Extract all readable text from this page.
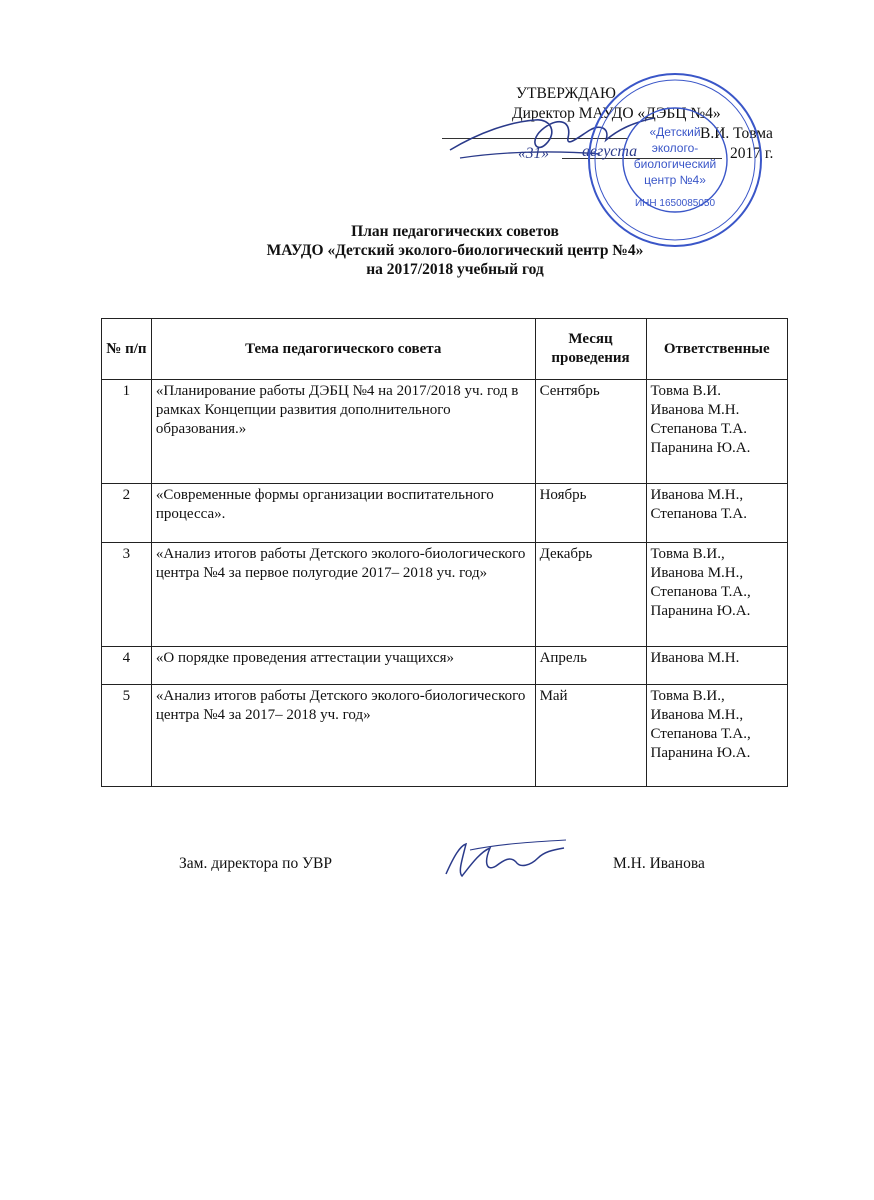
УТВЕРЖДАЮ
Директор МАУДО «ДЭБЦ №4»
В.И. Товма
«31» августа	2017 г.
«Детский
эколого-
биологический
центр №4»
ИНН 1650085050
План педагогических советов
МАУДО «Детский эколого-биологический центр №4»
на 2017/2018 учебный год
№ п/п	Тема педагогического совета	Месяц проведения	Ответственные
1	«Планирование работы ДЭБЦ №4 на 2017/2018 уч. год в рамках Концепции развития дополнительного образования.»	Сентябрь	Товма В.И.
Иванова М.Н.
Степанова Т.А.
Паранина Ю.А.

2	«Современные формы организации воспитательного процесса».	Ноябрь	Иванова М.Н.,
Степанова Т.А.

3	«Анализ итогов работы Детского эколого-биологического центра №4 за первое полугодие 2017– 2018 уч. год»	Декабрь	Товма В.И.,
Иванова М.Н.,
Степанова Т.А.,
Паранина Ю.А.

4	«О порядке проведения аттестации учащихся»	Апрель	Иванова М.Н.

5	«Анализ итогов работы Детского эколого-биологического центра №4 за 2017– 2018 уч. год»	Май	Товма В.И.,
Иванова М.Н.,
Степанова Т.А.,
Паранина Ю.А.
Зам. директора по УВР	М.Н. Иванова
